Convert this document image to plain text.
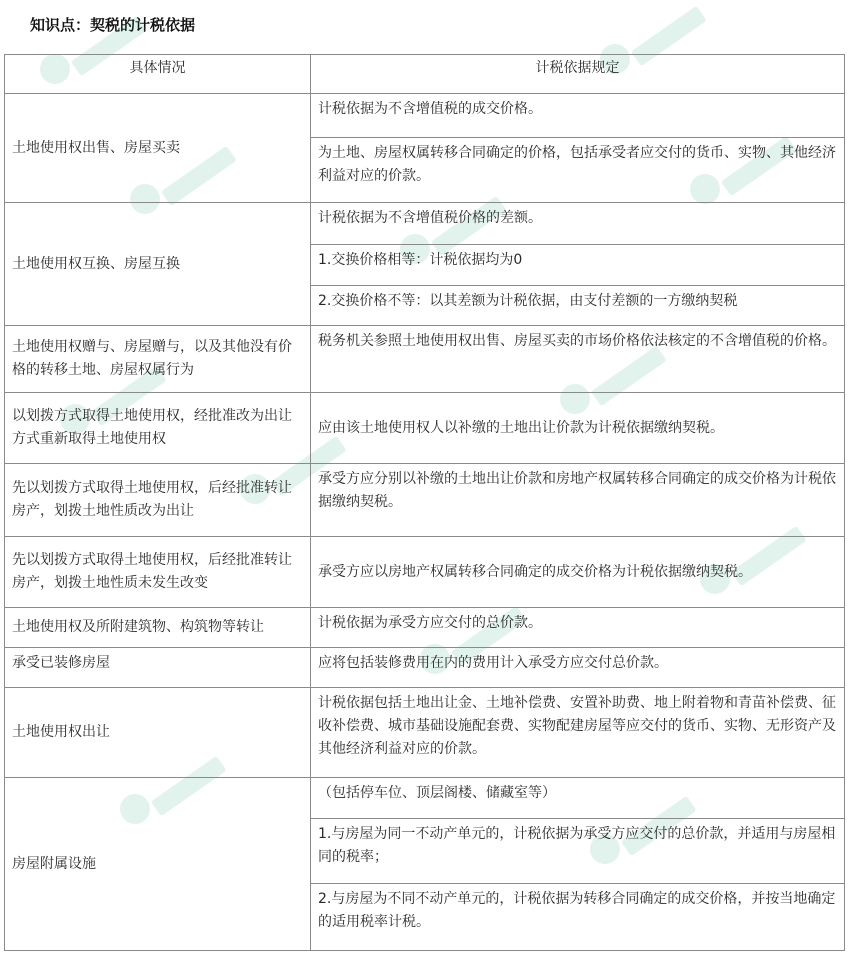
知识点：契税的计税依据
具体情况	计税依据规定
土地使用权出售、房屋买卖	计税依据为不含增值税的成交价格。
	为土地、房屋权属转移合同确定的价格，包括承受者应交付的货币、实物、其他经济利益对应的价款。
土地使用权互换、房屋互换	计税依据为不含增值税价格的差额。
	1.交换价格相等：计税依据均为0
	2.交换价格不等：以其差额为计税依据，由支付差额的一方缴纳契税
土地使用权赠与、房屋赠与，以及其他没有价格的转移土地、房屋权属行为	税务机关参照土地使用权出售、房屋买卖的市场价格依法核定的不含增值税的价格。
以划拨方式取得土地使用权，经批准改为出让方式重新取得土地使用权	应由该土地使用权人以补缴的土地出让价款为计税依据缴纳契税。
先以划拨方式取得土地使用权，后经批准转让房产，划拨土地性质改为出让	承受方应分别以补缴的土地出让价款和房地产权属转移合同确定的成交价格为计税依据缴纳契税。
先以划拨方式取得土地使用权，后经批准转让房产，划拨土地性质未发生改变	承受方应以房地产权属转移合同确定的成交价格为计税依据缴纳契税。
土地使用权及所附建筑物、构筑物等转让	计税依据为承受方应交付的总价款。
承受已装修房屋	应将包括装修费用在内的费用计入承受方应交付总价款。
土地使用权出让	计税依据包括土地出让金、土地补偿费、安置补助费、地上附着物和青苗补偿费、征收补偿费、城市基础设施配套费、实物配建房屋等应交付的货币、实物、无形资产及其他经济利益对应的价款。
房屋附属设施	（包括停车位、顶层阁楼、储藏室等）
	1.与房屋为同一不动产单元的，计税依据为承受方应交付的总价款，并适用与房屋相同的税率；
	2.与房屋为不同不动产单元的，计税依据为转移合同确定的成交价格，并按当地确定的适用税率计税。
